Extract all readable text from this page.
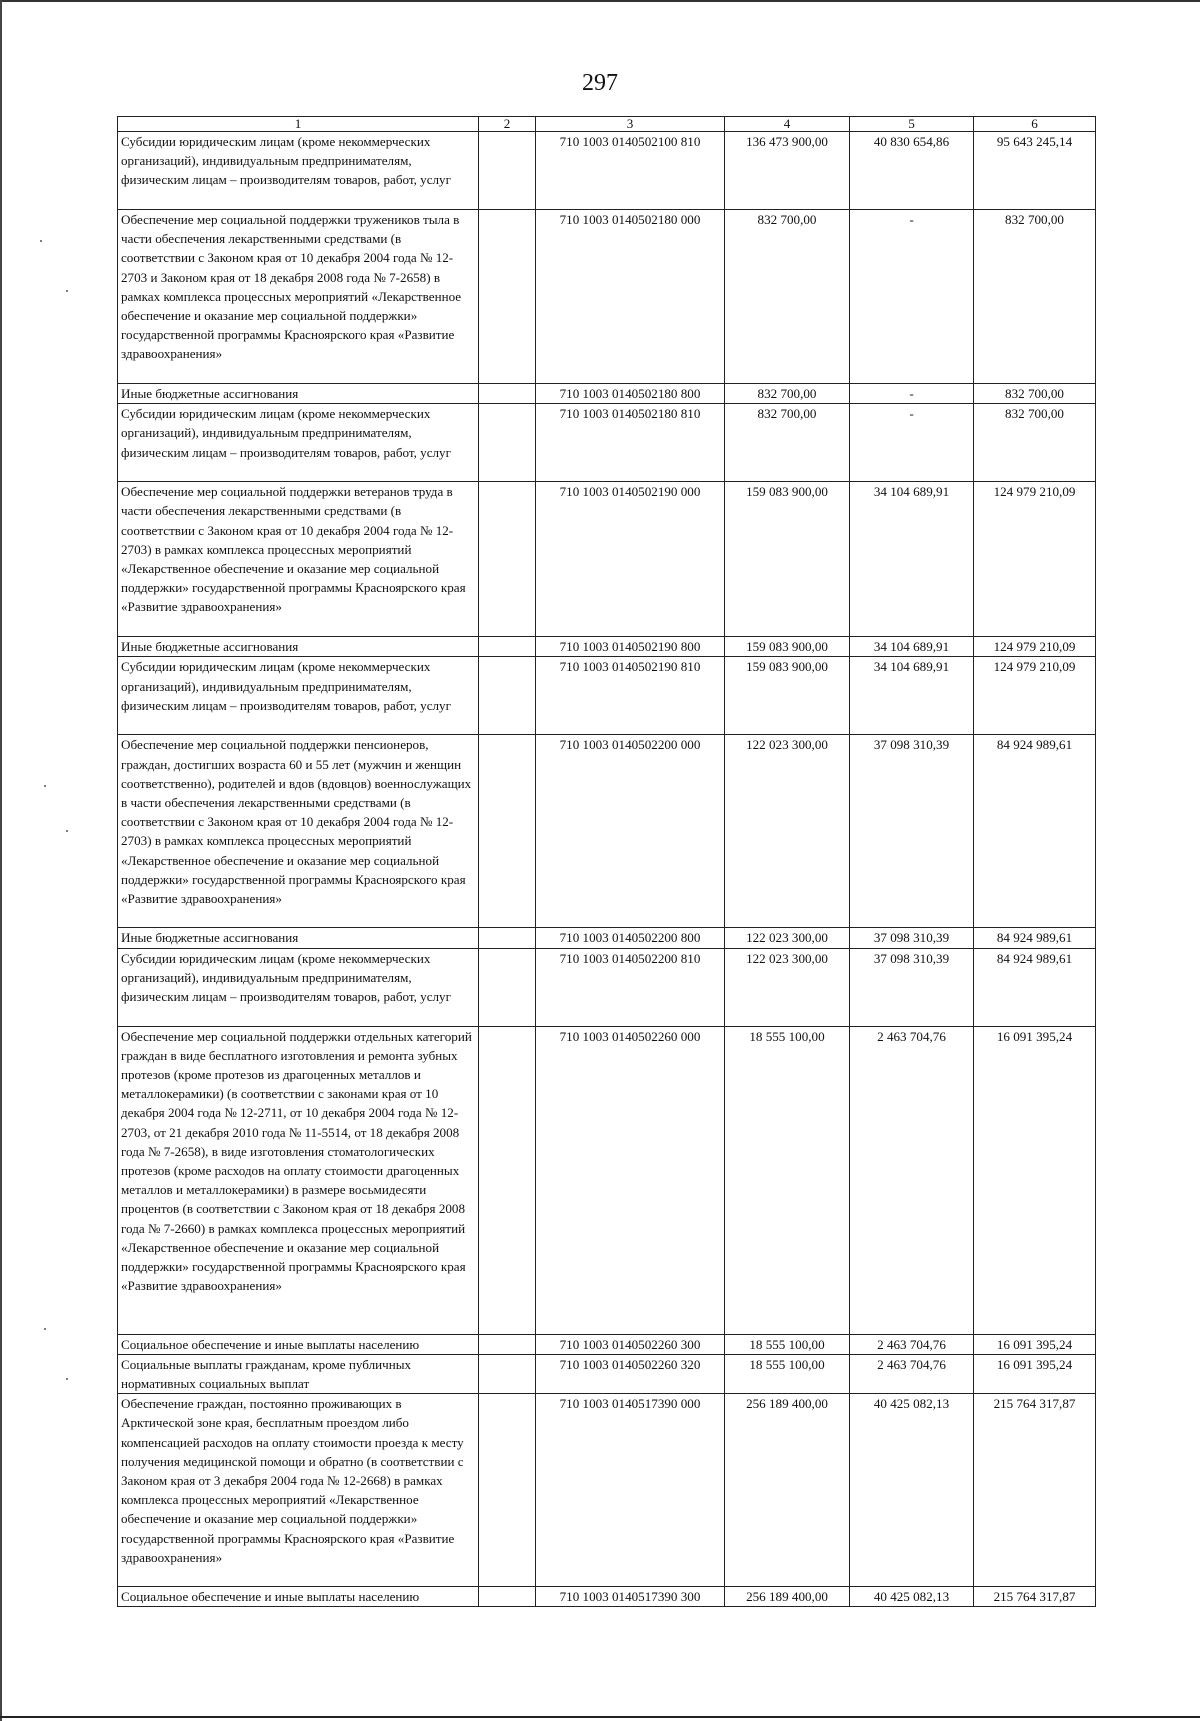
297
1	2	3	4	5	6
Субсидии юридическим лицам (кроме некоммерческих организаций), индивидуальным предпринимателям, физическим лицам – производителям товаров, работ, услуг		710 1003 0140502100 810	136 473 900,00	40 830 654,86	95 643 245,14
Обеспечение мер социальной поддержки тружеников тыла в части обеспечения лекарственными средствами (в соответствии с Законом края от 10 декабря 2004 года № 12-2703 и Законом края от 18 декабря 2008 года № 7-2658) в рамках комплекса процессных мероприятий «Лекарственное обеспечение и оказание мер социальной поддержки» государственной программы Красноярского края «Развитие здравоохранения»		710 1003 0140502180 000	832 700,00	-	832 700,00
Иные бюджетные ассигнования		710 1003 0140502180 800	832 700,00	-	832 700,00
Субсидии юридическим лицам (кроме некоммерческих организаций), индивидуальным предпринимателям, физическим лицам – производителям товаров, работ, услуг		710 1003 0140502180 810	832 700,00	-	832 700,00
Обеспечение мер социальной поддержки ветеранов труда в части обеспечения лекарственными средствами (в соответствии с Законом края от 10 декабря 2004 года № 12-2703) в рамках комплекса процессных мероприятий «Лекарственное обеспечение и оказание мер социальной поддержки» государственной программы Красноярского края «Развитие здравоохранения»		710 1003 0140502190 000	159 083 900,00	34 104 689,91	124 979 210,09
Иные бюджетные ассигнования		710 1003 0140502190 800	159 083 900,00	34 104 689,91	124 979 210,09
Субсидии юридическим лицам (кроме некоммерческих организаций), индивидуальным предпринимателям, физическим лицам – производителям товаров, работ, услуг		710 1003 0140502190 810	159 083 900,00	34 104 689,91	124 979 210,09
Обеспечение мер социальной поддержки пенсионеров, граждан, достигших возраста 60 и 55 лет (мужчин и женщин соответственно), родителей и вдов (вдовцов) военнослужащих в части обеспечения лекарственными средствами (в соответствии с Законом края от 10 декабря 2004 года № 12-2703) в рамках комплекса процессных мероприятий «Лекарственное обеспечение и оказание мер социальной поддержки» государственной программы Красноярского края «Развитие здравоохранения»		710 1003 0140502200 000	122 023 300,00	37 098 310,39	84 924 989,61
Иные бюджетные ассигнования		710 1003 0140502200 800	122 023 300,00	37 098 310,39	84 924 989,61
Субсидии юридическим лицам (кроме некоммерческих организаций), индивидуальным предпринимателям, физическим лицам – производителям товаров, работ, услуг		710 1003 0140502200 810	122 023 300,00	37 098 310,39	84 924 989,61
Обеспечение мер социальной поддержки отдельных категорий граждан в виде бесплатного изготовления и ремонта зубных протезов (кроме протезов из драгоценных металлов и металлокерамики) (в соответствии с законами края от 10 декабря 2004 года № 12-2711, от 10 декабря 2004 года № 12-2703, от 21 декабря 2010 года № 11-5514, от 18 декабря 2008 года № 7-2658), в виде изготовления стоматологических протезов (кроме расходов на оплату стоимости драгоценных металлов и металлокерамики) в размере восьмидесяти процентов (в соответствии с Законом края от 18 декабря 2008 года № 7-2660) в рамках комплекса процессных мероприятий «Лекарственное обеспечение и оказание мер социальной поддержки» государственной программы Красноярского края «Развитие здравоохранения»		710 1003 0140502260 000	18 555 100,00	2 463 704,76	16 091 395,24
Социальное обеспечение и иные выплаты населению		710 1003 0140502260 300	18 555 100,00	2 463 704,76	16 091 395,24
Социальные выплаты гражданам, кроме публичных нормативных социальных выплат		710 1003 0140502260 320	18 555 100,00	2 463 704,76	16 091 395,24
Обеспечение граждан, постоянно проживающих в Арктической зоне края, бесплатным проездом либо компенсацией расходов на оплату стоимости проезда к месту получения медицинской помощи и обратно (в соответствии с Законом края от 3 декабря 2004 года № 12-2668) в рамках комплекса процессных мероприятий «Лекарственное обеспечение и оказание мер социальной поддержки» государственной программы Красноярского края «Развитие здравоохранения»		710 1003 0140517390 000	256 189 400,00	40 425 082,13	215 764 317,87
Социальное обеспечение и иные выплаты населению		710 1003 0140517390 300	256 189 400,00	40 425 082,13	215 764 317,87
